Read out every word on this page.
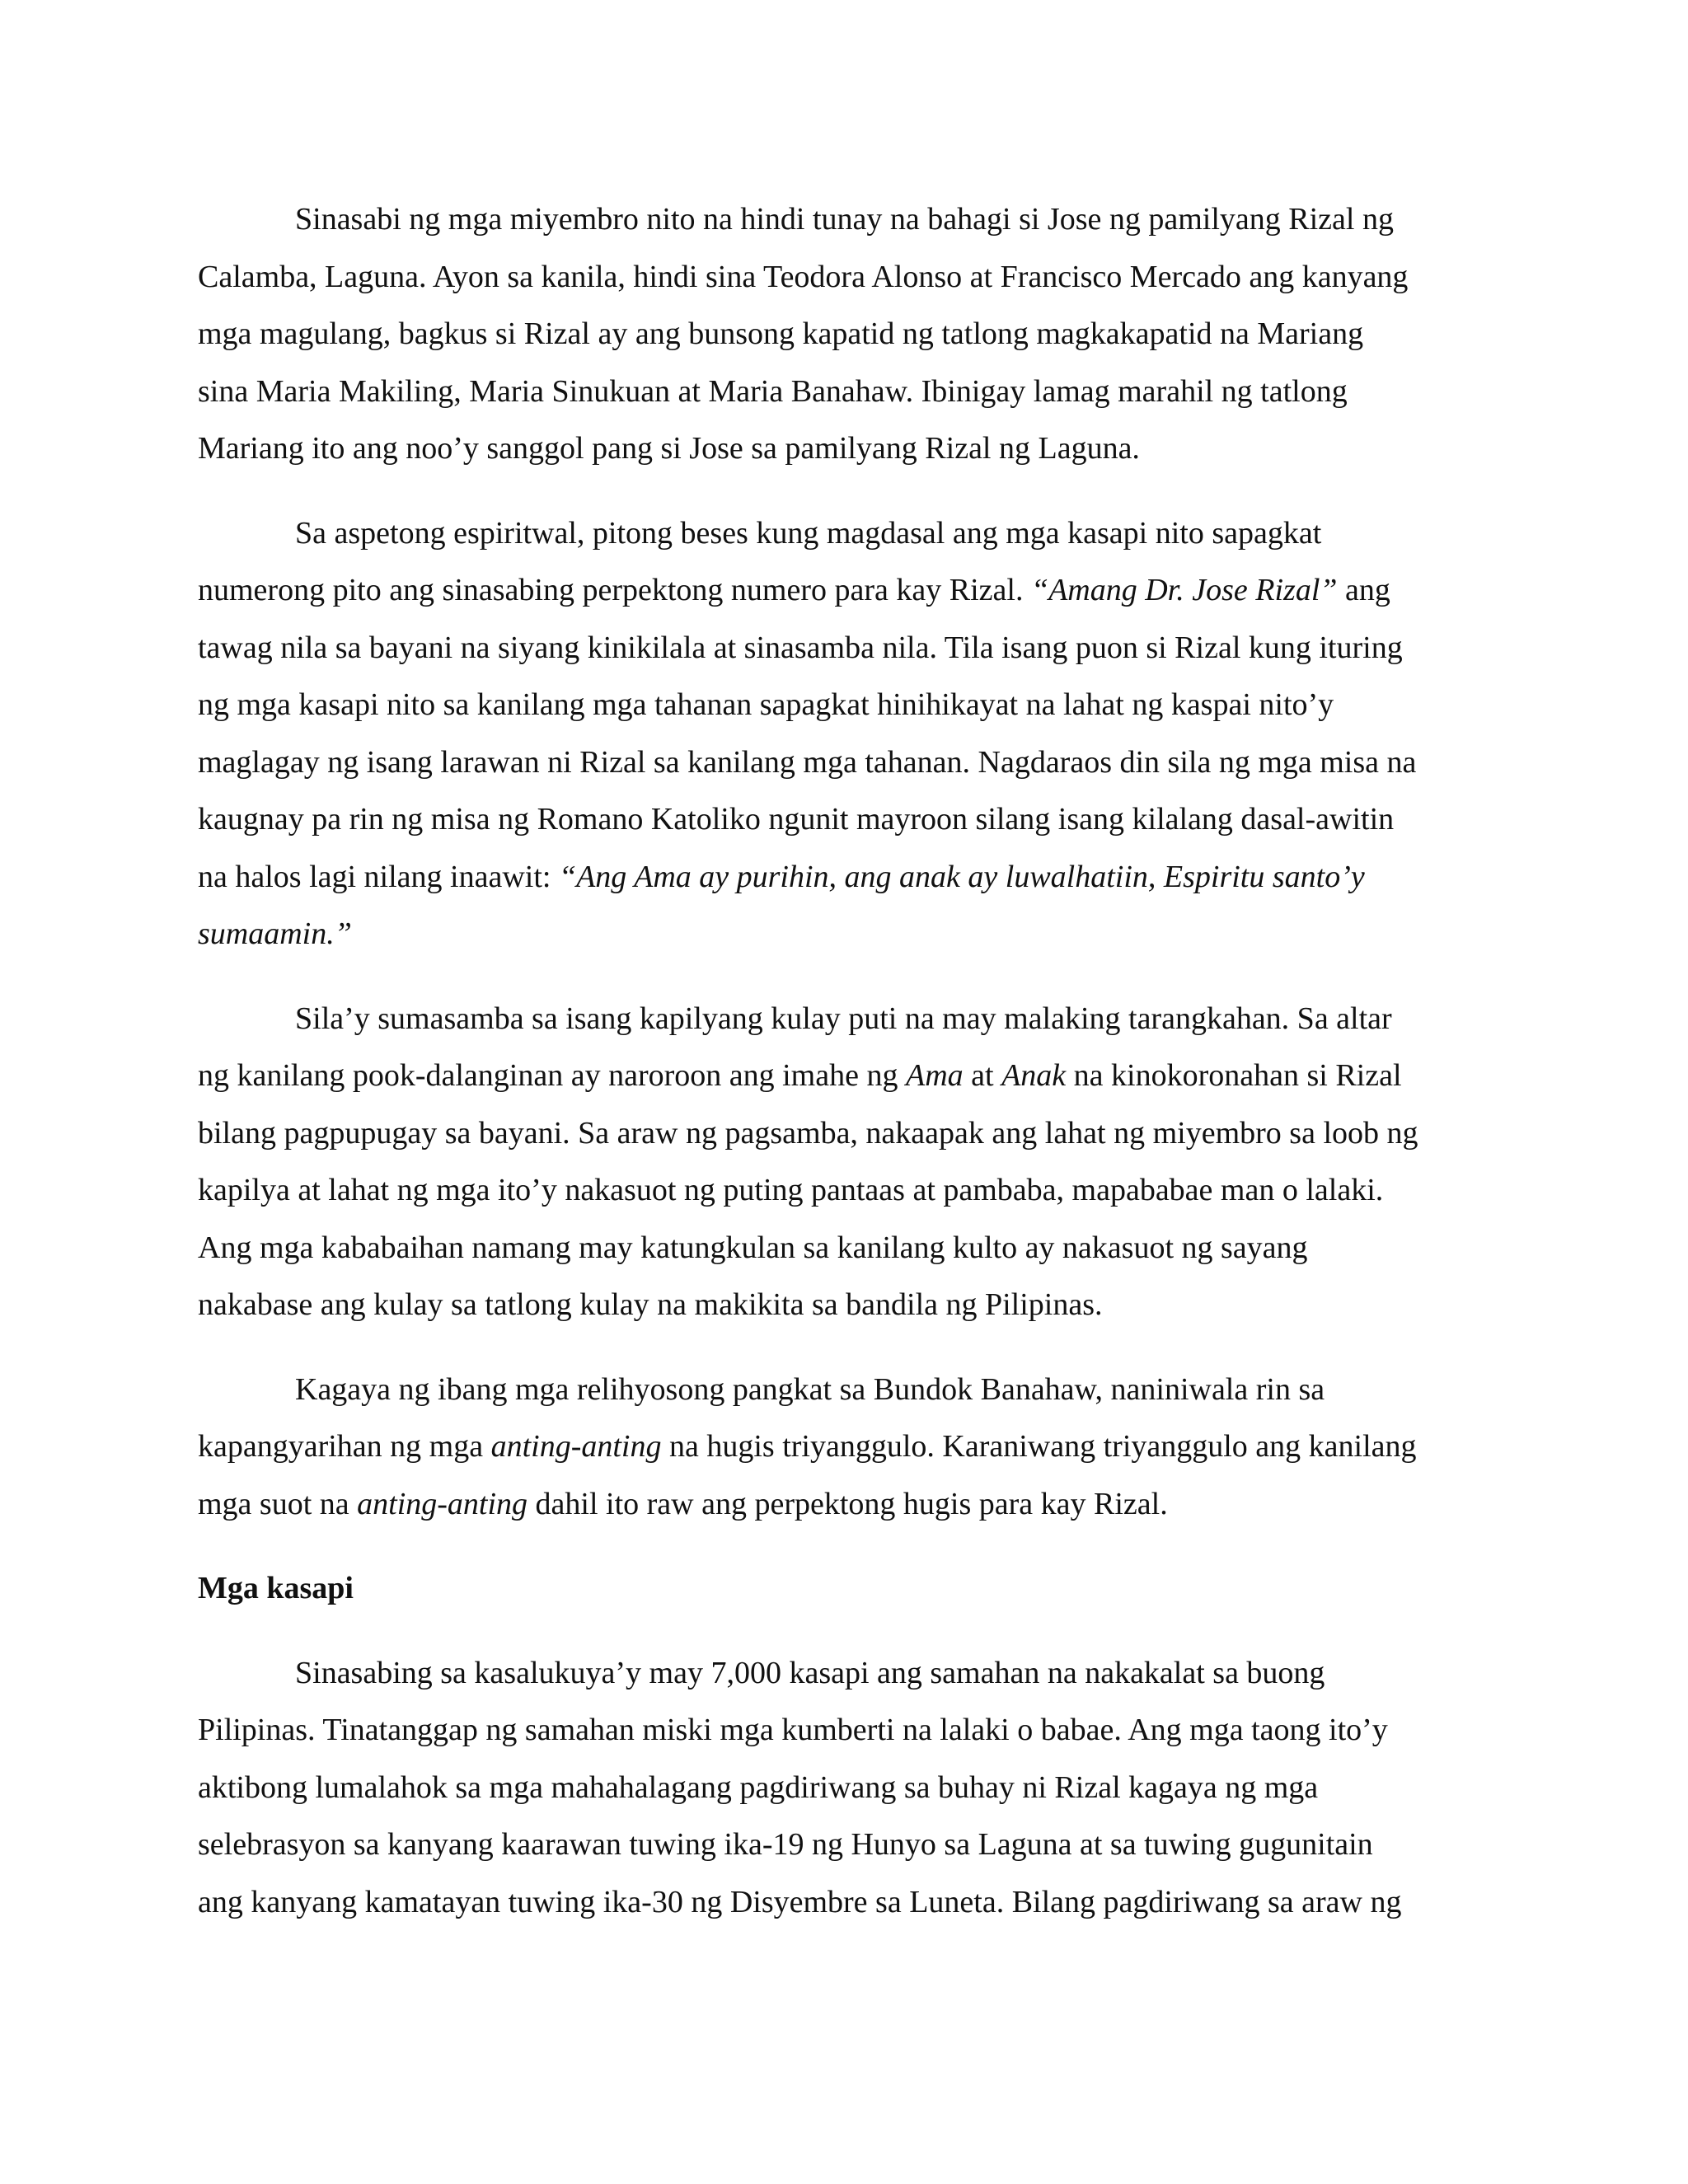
Sinasabi ng mga miyembro nito na hindi tunay na bahagi si Jose ng pamilyang Rizal ng
Calamba, Laguna. Ayon sa kanila, hindi sina Teodora Alonso at Francisco Mercado ang kanyang
mga magulang, bagkus si Rizal ay ang bunsong kapatid ng tatlong magkakapatid na Mariang
sina Maria Makiling, Maria Sinukuan at Maria Banahaw. Ibinigay lamag marahil ng tatlong
Mariang ito ang noo’y sanggol pang si Jose sa pamilyang Rizal ng Laguna.

Sa aspetong espiritwal, pitong beses kung magdasal ang mga kasapi nito sapagkat
numerong pito ang sinasabing perpektong numero para kay Rizal. “Amang Dr. Jose Rizal” ang
tawag nila sa bayani na siyang kinikilala at sinasamba nila. Tila isang puon si Rizal kung ituring
ng mga kasapi nito sa kanilang mga tahanan sapagkat hinihikayat na lahat ng kaspai nito’y
maglagay ng isang larawan ni Rizal sa kanilang mga tahanan. Nagdaraos din sila ng mga misa na
kaugnay pa rin ng misa ng Romano Katoliko ngunit mayroon silang isang kilalang dasal-awitin
na halos lagi nilang inaawit: “Ang Ama ay purihin, ang anak ay luwalhatiin, Espiritu santo’y
sumaamin.”

Sila’y sumasamba sa isang kapilyang kulay puti na may malaking tarangkahan. Sa altar
ng kanilang pook-dalanginan ay naroroon ang imahe ng Ama at Anak na kinokoronahan si Rizal
bilang pagpupugay sa bayani. Sa araw ng pagsamba, nakaapak ang lahat ng miyembro sa loob ng
kapilya at lahat ng mga ito’y nakasuot ng puting pantaas at pambaba, mapababae man o lalaki.
Ang mga kababaihan namang may katungkulan sa kanilang kulto ay nakasuot ng sayang
nakabase ang kulay sa tatlong kulay na makikita sa bandila ng Pilipinas.

Kagaya ng ibang mga relihyosong pangkat sa Bundok Banahaw, naniniwala rin sa
kapangyarihan ng mga anting-anting na hugis triyanggulo. Karaniwang triyanggulo ang kanilang
mga suot na anting-anting dahil ito raw ang perpektong hugis para kay Rizal.

Mga kasapi

Sinasabing sa kasalukuya’y may 7,000 kasapi ang samahan na nakakalat sa buong
Pilipinas. Tinatanggap ng samahan miski mga kumberti na lalaki o babae. Ang mga taong ito’y
aktibong lumalahok sa mga mahahalagang pagdiriwang sa buhay ni Rizal kagaya ng mga
selebrasyon sa kanyang kaarawan tuwing ika-19 ng Hunyo sa Laguna at sa tuwing gugunitain
ang kanyang kamatayan tuwing ika-30 ng Disyembre sa Luneta. Bilang pagdiriwang sa araw ng
